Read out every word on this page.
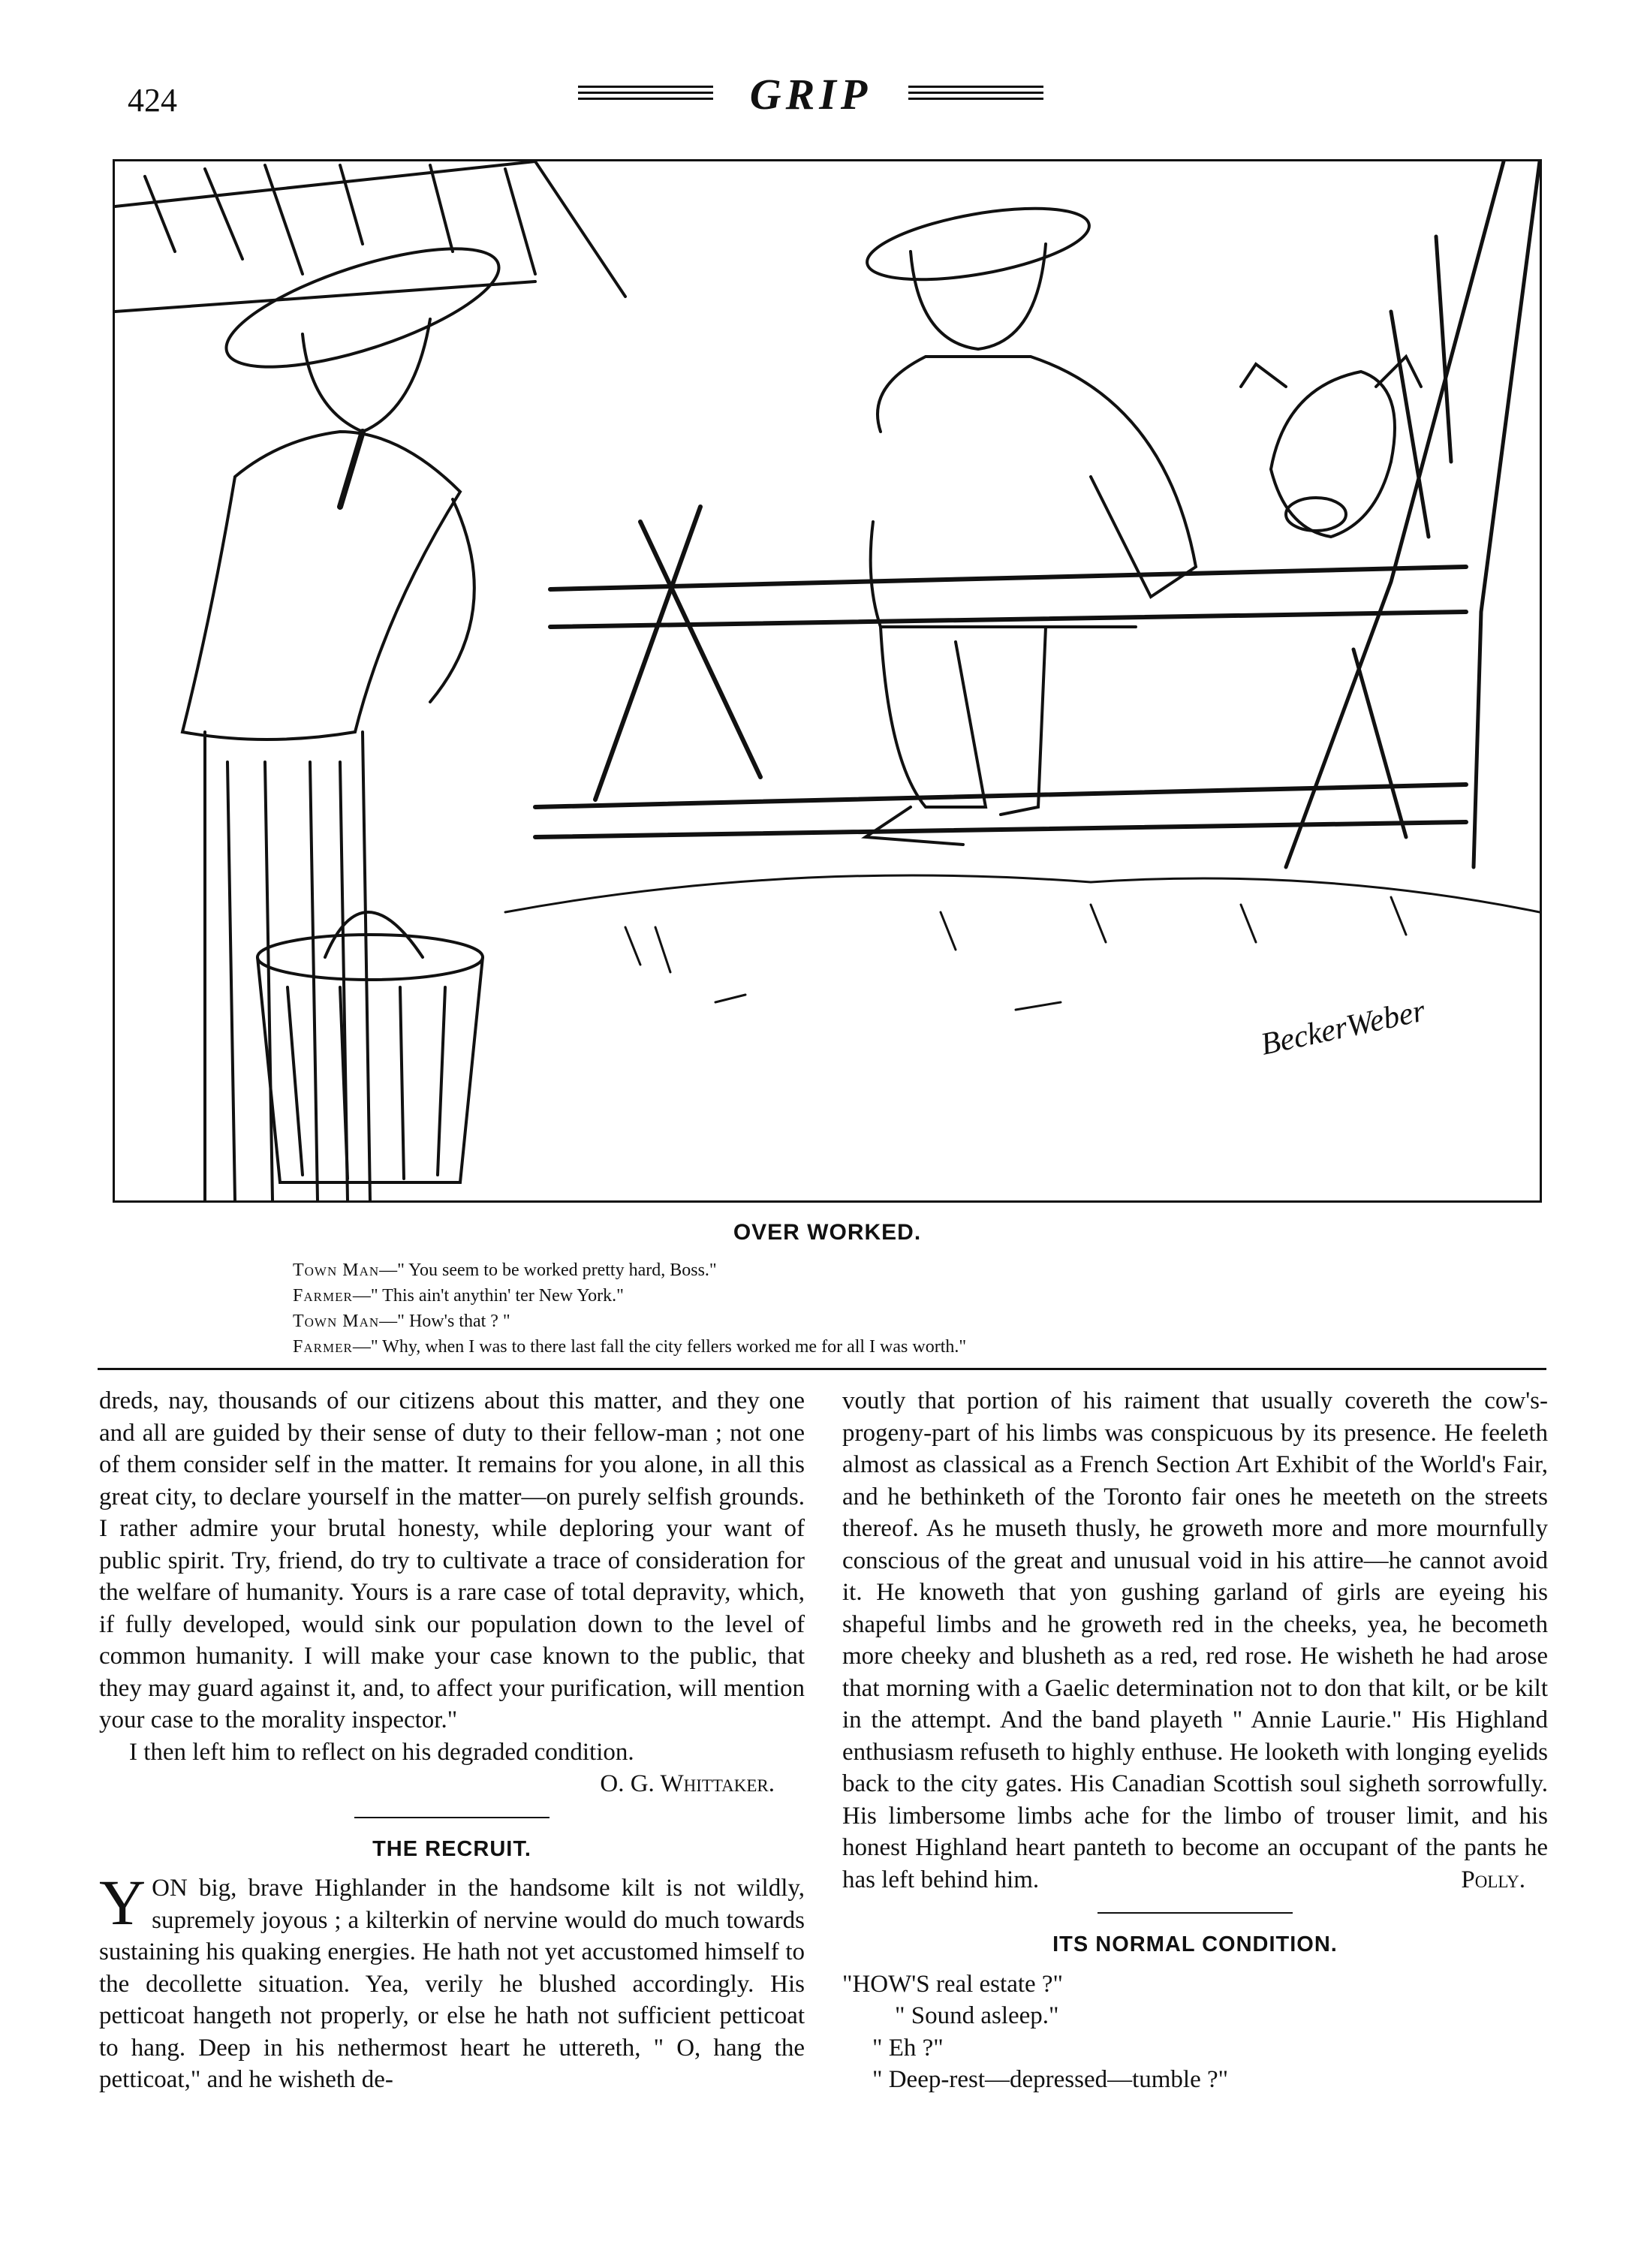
424	GRIP
BeckerWeber
OVER WORKED.
Town Man—" You seem to be worked pretty hard, Boss."
Farmer—" This ain't anythin' ter New York."
Town Man—" How's that ? "
Farmer—" Why, when I was to there last fall the city fellers worked me for all I was worth."

dreds, nay, thousands of our citizens about this matter, and they one and all are guided by their sense of duty to their fellow-man ; not one of them consider self in the matter. It remains for you alone, in all this great city, to declare yourself in the matter—on purely selfish grounds. I rather admire your brutal honesty, while deploring your want of public spirit. Try, friend, do try to cultivate a trace of consideration for the welfare of humanity. Yours is a rare case of total depravity, which, if fully developed, would sink our population down to the level of common humanity. I will make your case known to the public, that they may guard against it, and, to affect your purification, will mention your case to the morality inspector."

I then left him to reflect on his degraded condition.

O. G. Whittaker.

THE RECRUIT.

YON big, brave Highlander in the handsome kilt is not wildly, supremely joyous ; a kilterkin of nervine would do much towards sustaining his quaking energies. He hath not yet accustomed himself to the decollette situation. Yea, verily he blushed accordingly. His petticoat hangeth not properly, or else he hath not sufficient petticoat to hang. Deep in his nethermost heart he uttereth, " O, hang the petticoat," and he wisheth de-

voutly that portion of his raiment that usually covereth the cow's-progeny-part of his limbs was conspicuous by its presence. He feeleth almost as classical as a French Section Art Exhibit of the World's Fair, and he bethinketh of the Toronto fair ones he meeteth on the streets thereof. As he museth thusly, he groweth more and more mournfully conscious of the great and unusual void in his attire—he cannot avoid it. He knoweth that yon gushing garland of girls are eyeing his shapeful limbs and he groweth red in the cheeks, yea, he becometh more cheeky and blusheth as a red, red rose. He wisheth he had arose that morning with a Gaelic determination not to don that kilt, or be kilt in the attempt. And the band playeth " Annie Laurie." His Highland enthusiasm refuseth to highly enthuse. He looketh with longing eyelids back to the city gates. His Canadian Scottish soul sigheth sorrowfully. His limbersome limbs ache for the limbo of trouser limit, and his honest Highland heart panteth to become an occupant of the pants he has left behind him.	Polly.

ITS NORMAL CONDITION.

"HOW'S real estate ?"

" Sound asleep."

" Eh ?"

" Deep-rest—depressed—tumble ?"
